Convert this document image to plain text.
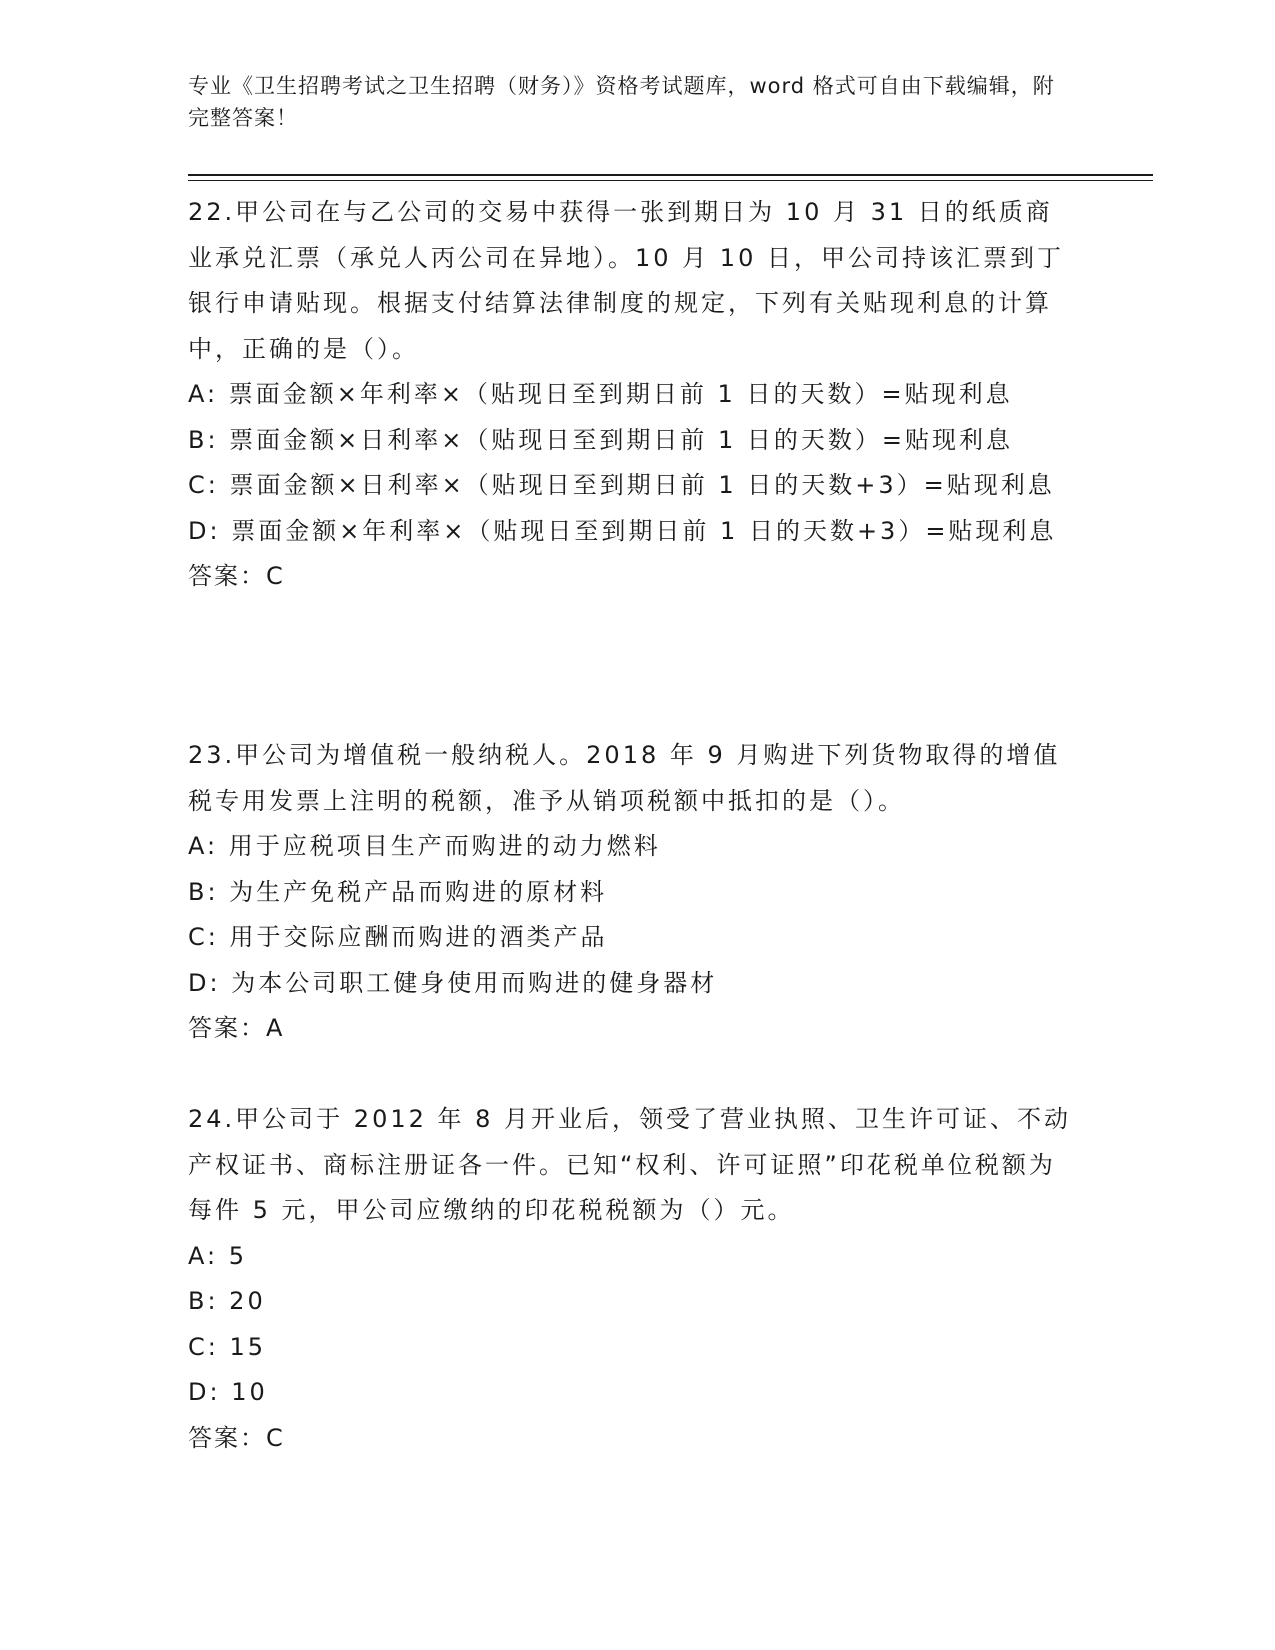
专业《卫生招聘考试之卫生招聘（财务）》资格考试题库，word 格式可自由下载编辑，附完整答案！

22.甲公司在与乙公司的交易中获得一张到期日为 10 月 31 日的纸质商业承兑汇票（承兑人丙公司在异地）。10 月 10 日，甲公司持该汇票到丁银行申请贴现。根据支付结算法律制度的规定，下列有关贴现利息的计算中，正确的是（）。

A: 票面金额×年利率×（贴现日至到期日前 1 日的天数）=贴现利息

B: 票面金额×日利率×（贴现日至到期日前 1 日的天数）=贴现利息

C: 票面金额×日利率×（贴现日至到期日前 1 日的天数+3）=贴现利息

D: 票面金额×年利率×（贴现日至到期日前 1 日的天数+3）=贴现利息

答案：C

23.甲公司为增值税一般纳税人。2018 年 9 月购进下列货物取得的增值税专用发票上注明的税额，准予从销项税额中抵扣的是（）。

A: 用于应税项目生产而购进的动力燃料

B: 为生产免税产品而购进的原材料

C: 用于交际应酬而购进的酒类产品

D: 为本公司职工健身使用而购进的健身器材

答案：A

24.甲公司于 2012 年 8 月开业后，领受了营业执照、卫生许可证、不动产权证书、商标注册证各一件。已知“权利、许可证照”印花税单位税额为每件 5 元，甲公司应缴纳的印花税税额为（）元。

A: 5

B: 20

C: 15

D: 10

答案：C
